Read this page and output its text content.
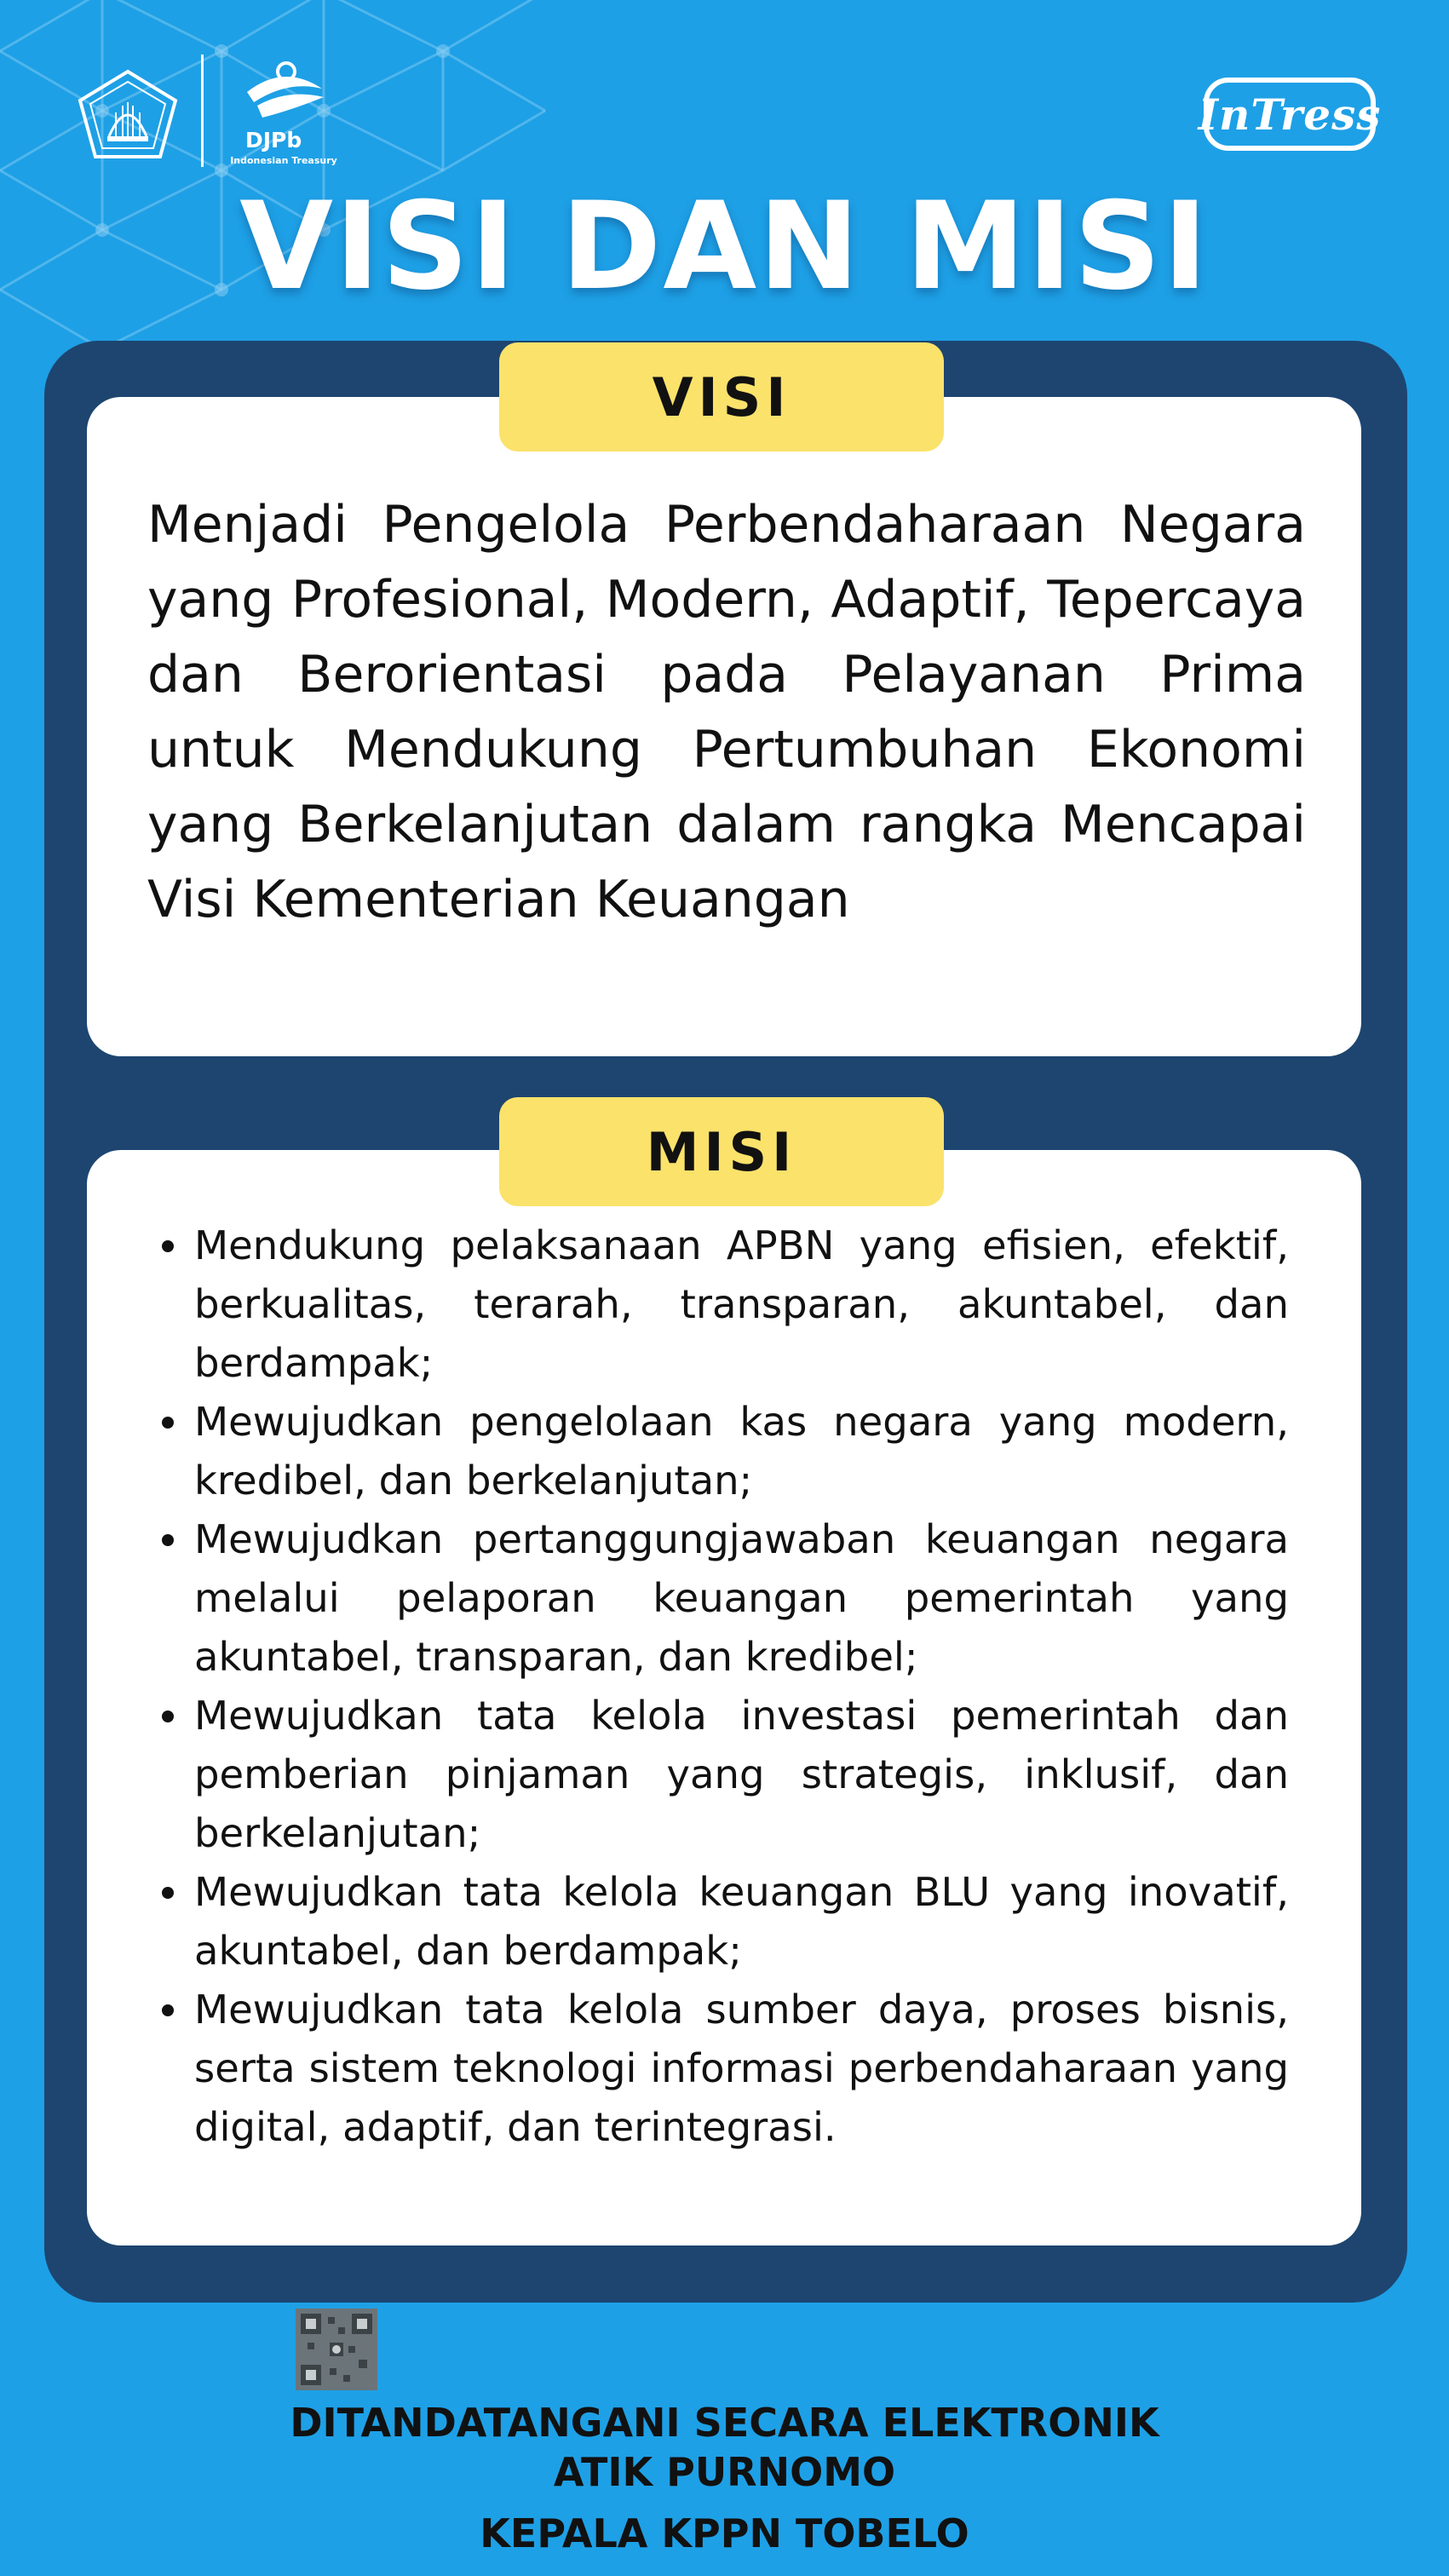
DJPb
Indonesian Treasury
InTress
VISI DAN MISI
VISI

Menjadi Pengelola Perbendaharaan Negara yang Profesional, Modern, Adaptif, Tepercaya dan Berorientasi pada Pelayanan Prima untuk Mendukung Pertumbuhan Ekonomi yang Berkelanjutan dalam rangka Mencapai Visi Kementerian Keuangan

MISI
Mendukung pelaksanaan APBN yang efisien, efektif, berkualitas, terarah, transparan, akuntabel, dan berdampak;
Mewujudkan pengelolaan kas negara yang modern, kredibel, dan berkelanjutan;
Mewujudkan pertanggungjawaban keuangan negara melalui pelaporan keuangan pemerintah yang akuntabel, transparan, dan kredibel;
Mewujudkan tata kelola investasi pemerintah dan pemberian pinjaman yang strategis, inklusif, dan berkelanjutan;
Mewujudkan tata kelola keuangan BLU yang inovatif, akuntabel, dan berdampak;
Mewujudkan tata kelola sumber daya, proses bisnis, serta sistem teknologi informasi perbendaharaan yang digital, adaptif, dan terintegrasi.
DITANDATANGANI SECARA ELEKTRONIK
ATIK PURNOMO
KEPALA KPPN TOBELO
